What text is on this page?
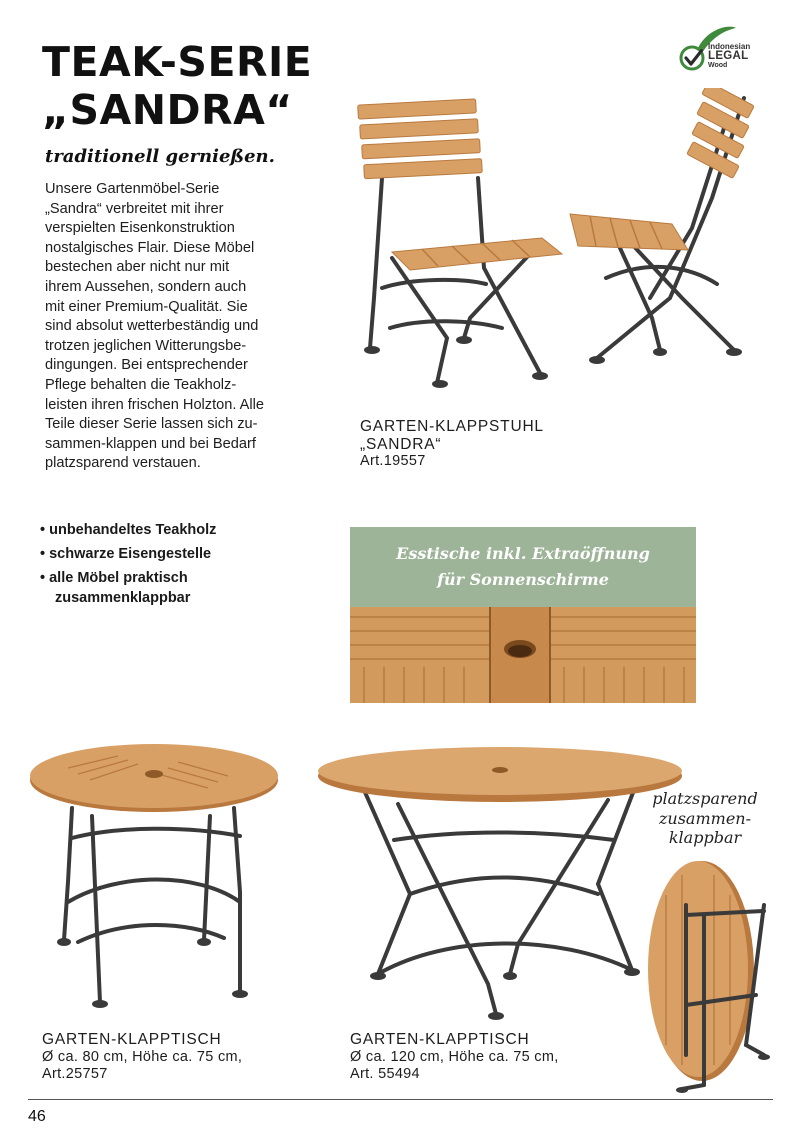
TEAK-SERIE
„SANDRA“
traditionell gernießen.
Indonesian
LEGAL
Wood
Unsere Gartenmöbel-Serie
„Sandra“ verbreitet mit ihrer
verspielten Eisenkonstruktion
nostalgisches Flair. Diese Möbel
bestechen aber nicht nur mit
ihrem Aussehen, sondern auch
mit einer Premium-Qualität. Sie
sind absolut wetterbeständig und
trotzen jeglichen Witterungsbe-
dingungen. Bei entsprechender
Pflege behalten die Teakholz-
leisten ihren frischen Holzton. Alle
Teile dieser Serie lassen sich zu-
sammen-klappen und bei Bedarf
platzsparend verstauen.
• unbehandeltes Teakholz
• schwarze Eisengestelle
• alle Möbel praktisch
zusammenklappbar
GARTEN-KLAPPSTUHL
„SANDRA“
Art.19557
Esstische inkl. Extraöffnung
für Sonnenschirme
platzsparend
zusammen-
klappbar
GARTEN-KLAPPTISCH
Ø ca. 80 cm, Höhe ca. 75 cm,
Art.25757
GARTEN-KLAPPTISCH
Ø ca. 120 cm, Höhe ca. 75 cm,
Art. 55494
46
